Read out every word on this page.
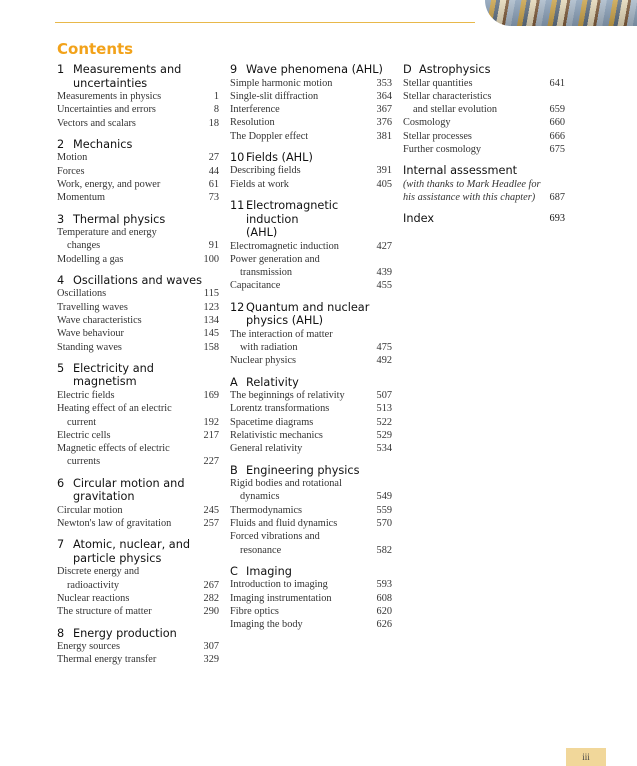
Contents
1 Measurements and
uncertainties
Measurements in physics	1
Uncertainties and errors	8
Vectors and scalars	18
2 Mechanics
Motion	27
Forces	44
Work, energy, and power	61
Momentum	73
3 Thermal physics
Temperature and energy
changes	91
Modelling a gas	100
4 Oscillations and waves
Oscillations	115
Travelling waves	123
Wave characteristics	134
Wave behaviour	145
Standing waves	158
5 Electricity and magnetism
Electric fields	169
Heating effect of an electric
current	192
Electric cells	217
Magnetic effects of electric
currents	227
6 Circular motion and
gravitation
Circular motion	245
Newton's law of gravitation	257
7 Atomic, nuclear, and
particle physics
Discrete energy and
radioactivity	267
Nuclear reactions	282
The structure of matter	290
8 Energy production
Energy sources	307
Thermal energy transfer	329
9 Wave phenomena (AHL)
Simple harmonic motion	353
Single-slit diffraction	364
Interference	367
Resolution	376
The Doppler effect	381
10 Fields (AHL)
Describing fields	391
Fields at work	405
11 Electromagnetic induction
(AHL)
Electromagnetic induction	427
Power generation and
transmission	439
Capacitance	455
12 Quantum and nuclear
physics (AHL)
The interaction of matter
with radiation	475
Nuclear physics	492
A Relativity
The beginnings of relativity	507
Lorentz transformations	513
Spacetime diagrams	522
Relativistic mechanics	529
General relativity	534
B Engineering physics
Rigid bodies and rotational
dynamics	549
Thermodynamics	559
Fluids and fluid dynamics	570
Forced vibrations and
resonance	582
C Imaging
Introduction to imaging	593
Imaging instrumentation	608
Fibre optics	620
Imaging the body	626
D Astrophysics
Stellar quantities	641
Stellar characteristics
and stellar evolution	659
Cosmology	660
Stellar processes	666
Further cosmology	675
Internal assessment
(with thanks to Mark Headlee for
his assistance with this chapter)	687
Index	693
iii
